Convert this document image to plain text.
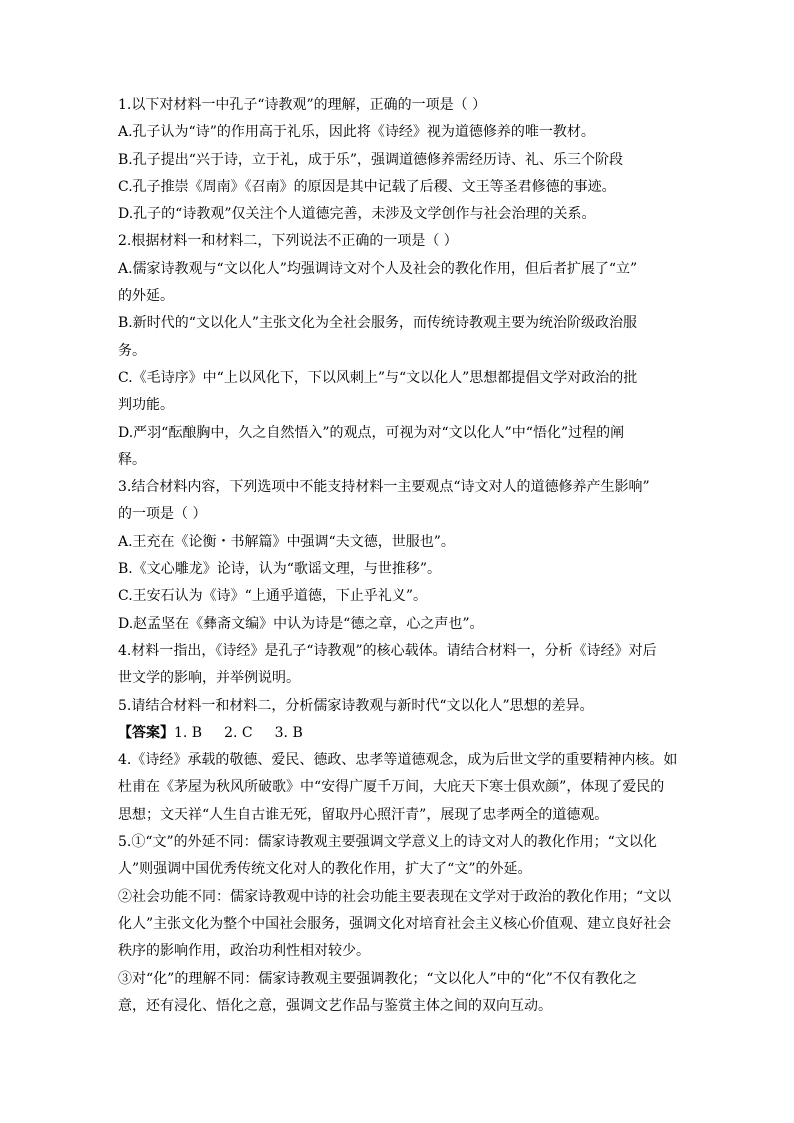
1.以下对材料一中孔子“诗教观”的理解，正确的一项是（ ）
A.孔子认为“诗”的作用高于礼乐，因此将《诗经》视为道德修养的唯一教材。
B.孔子提出“兴于诗，立于礼，成于乐”，强调道德修养需经历诗、礼、乐三个阶段
C.孔子推崇《周南》《召南》的原因是其中记载了后稷、文王等圣君修德的事迹。
D.孔子的“诗教观”仅关注个人道德完善，未涉及文学创作与社会治理的关系。
2.根据材料一和材料二，下列说法不正确的一项是（ ）
A.儒家诗教观与“文以化人”均强调诗文对个人及社会的教化作用，但后者扩展了“立”
的外延。
B.新时代的“文以化人”主张文化为全社会服务，而传统诗教观主要为统治阶级政治服
务。
C.《毛诗序》中“上以风化下，下以风刺上”与“文以化人”思想都提倡文学对政治的批
判功能。
D.严羽“酝酿胸中，久之自然悟入”的观点，可视为对“文以化人”中“悟化”过程的阐
释。
3.结合材料内容，下列选项中不能支持材料一主要观点“诗文对人的道德修养产生影响”
的一项是（ ）
A.王充在《论衡・书解篇》中强调“夫文德，世服也”。
B.《文心雕龙》论诗，认为“歌谣文理，与世推移”。
C.王安石认为《诗》“上通乎道德，下止乎礼义”。
D.赵孟坚在《彝斋文编》中认为诗是“德之章，心之声也”。
4.材料一指出，《诗经》是孔子“诗教观”的核心载体。请结合材料一，分析《诗经》对后
世文学的影响，并举例说明。
5.请结合材料一和材料二，分析儒家诗教观与新时代“文以化人”思想的差异。
【答案】1. B 2. C 3. B
4.《诗经》承载的敬德、爱民、德政、忠孝等道德观念，成为后世文学的重要精神内核。如
杜甫在《茅屋为秋风所破歌》中“安得广厦千万间，大庇天下寒士俱欢颜”，体现了爱民的
思想；文天祥“人生自古谁无死，留取丹心照汗青”，展现了忠孝两全的道德观。
5.①“文”的外延不同：儒家诗教观主要强调文学意义上的诗文对人的教化作用；“文以化
人”则强调中国优秀传统文化对人的教化作用，扩大了“文”的外延。
②社会功能不同：儒家诗教观中诗的社会功能主要表现在文学对于政治的教化作用；“文以
化人”主张文化为整个中国社会服务，强调文化对培育社会主义核心价值观、建立良好社会
秩序的影响作用，政治功利性相对较少。
③对“化”的理解不同：儒家诗教观主要强调教化；“文以化人”中的“化”不仅有教化之
意，还有浸化、悟化之意，强调文艺作品与鉴赏主体之间的双向互动。
